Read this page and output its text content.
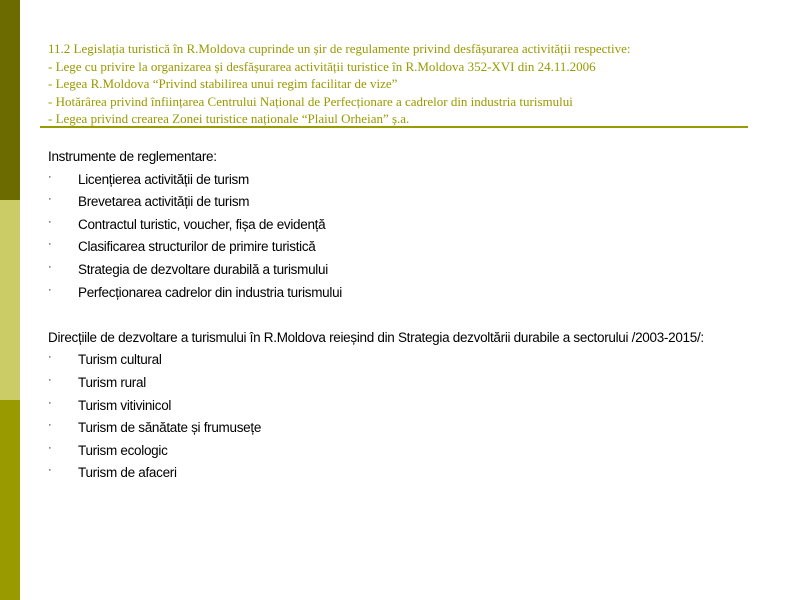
11.2 Legislația turistică în R.Moldova cuprinde un șir de regulamente privind desfășurarea activității respective:
- Lege cu privire la organizarea și desfășurarea activității turistice în R.Moldova 352-XVI din 24.11.2006
- Legea R.Moldova “Privind stabilirea unui regim facilitar de vize”
- Hotărârea privind înființarea Centrului Național de Perfecționare a cadrelor din industria turismului
- Legea privind crearea Zonei turistice naționale “Plaiul Orheian” ș.a.
Instrumente de reglementare:
· Licențierea activității de turism
· Brevetarea activității de turism
· Contractul turistic, voucher, fișa de evidență
· Clasificarea structurilor de primire turistică
· Strategia de dezvoltare durabilă a turismului
· Perfecționarea cadrelor din industria turismului
Direcțiile de dezvoltare a turismului în R.Moldova reieșind din Strategia dezvoltării durabile a sectorului /2003-2015/:
· Turism cultural
· Turism rural
· Turism vitivinicol
· Turism de sănătate și frumusețe
· Turism ecologic
· Turism de afaceri
